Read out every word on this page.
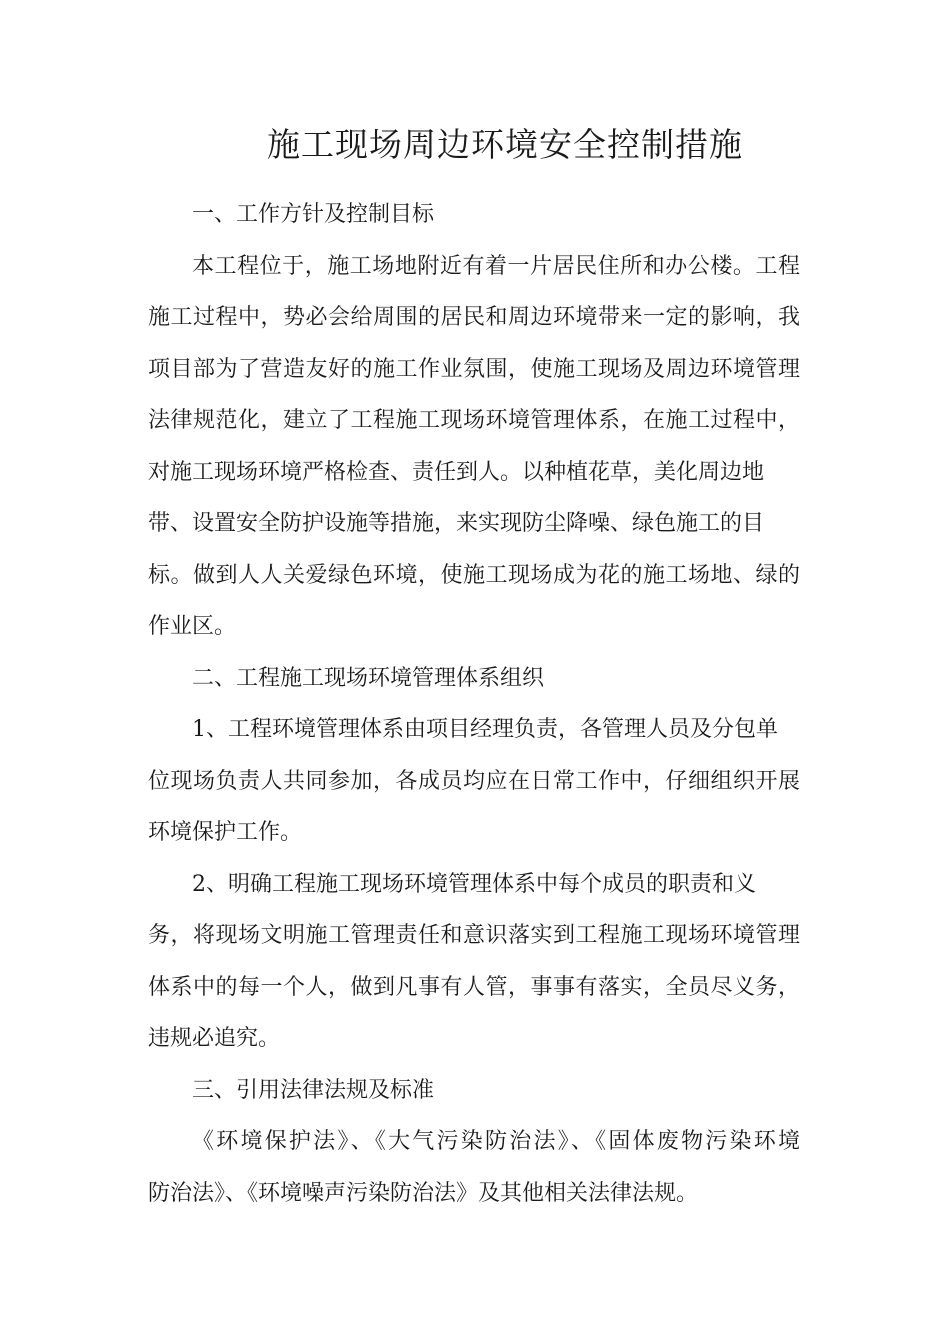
施工现场周边环境安全控制措施
一、工作方针及控制目标
本工程位于，施工场地附近有着一片居民住所和办公楼。工程
施工过程中，势必会给周围的居民和周边环境带来一定的影响，我
项目部为了营造友好的施工作业氛围，使施工现场及周边环境管理
法律规范化，建立了工程施工现场环境管理体系，在施工过程中，
对施工现场环境严格检查、责任到人。以种植花草，美化周边地
带、设置安全防护设施等措施，来实现防尘降噪、绿色施工的目
标。做到人人关爱绿色环境，使施工现场成为花的施工场地、绿的
作业区。
二、工程施工现场环境管理体系组织
1、工程环境管理体系由项目经理负责，各管理人员及分包单
位现场负责人共同参加，各成员均应在日常工作中，仔细组织开展
环境保护工作。
2、明确工程施工现场环境管理体系中每个成员的职责和义
务，将现场文明施工管理责任和意识落实到工程施工现场环境管理
体系中的每一个人，做到凡事有人管，事事有落实，全员尽义务，
违规必追究。
三、引用法律法规及标准
《环境保护法》、《大气污染防治法》、《固体废物污染环境
防治法》、《环境噪声污染防治法》及其他相关法律法规。
